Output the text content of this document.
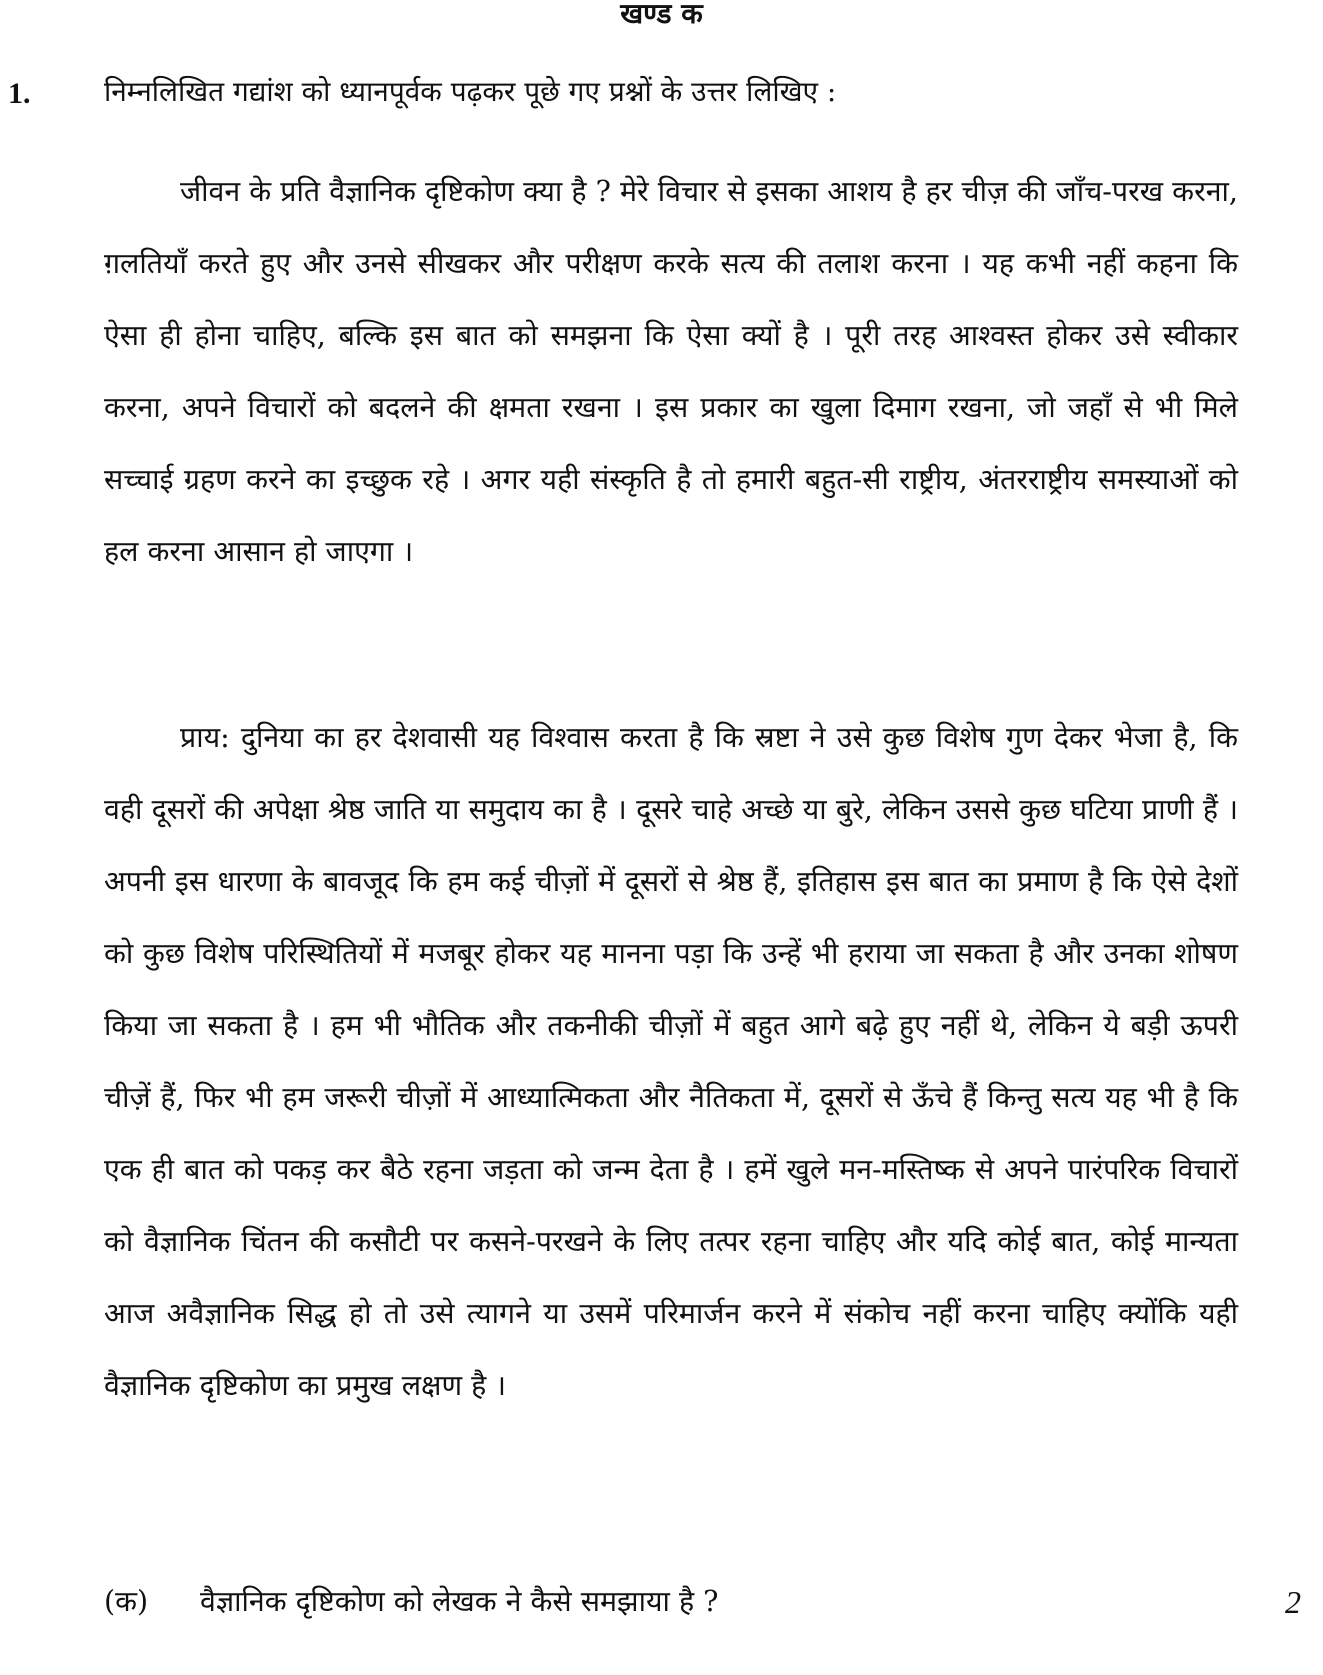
खण्ड क
1.	निम्नलिखित गद्यांश को ध्यानपूर्वक पढ़कर पूछे गए प्रश्नों के उत्तर लिखिए :

जीवन के प्रति वैज्ञानिक दृष्टिकोण क्या है ? मेरे विचार से इसका आशय है हर चीज़ की जाँच-परख करना, ग़लतियाँ करते हुए और उनसे सीखकर और परीक्षण करके सत्य की तलाश करना । यह कभी नहीं कहना कि ऐसा ही होना चाहिए, बल्कि इस बात को समझना कि ऐसा क्यों है । पूरी तरह आश्वस्त होकर उसे स्वीकार करना, अपने विचारों को बदलने की क्षमता रखना । इस प्रकार का खुला दिमाग रखना, जो जहाँ से भी मिले सच्चाई ग्रहण करने का इच्छुक रहे । अगर यही संस्कृति है तो हमारी बहुत-सी राष्ट्रीय, अंतरराष्ट्रीय समस्याओं को हल करना आसान हो जाएगा ।

प्राय: दुनिया का हर देशवासी यह विश्वास करता है कि स्रष्टा ने उसे कुछ विशेष गुण देकर भेजा है, कि वही दूसरों की अपेक्षा श्रेष्ठ जाति या समुदाय का है । दूसरे चाहे अच्छे या बुरे, लेकिन उससे कुछ घटिया प्राणी हैं । अपनी इस धारणा के बावजूद कि हम कई चीज़ों में दूसरों से श्रेष्ठ हैं, इतिहास इस बात का प्रमाण है कि ऐसे देशों को कुछ विशेष परिस्थितियों में मजबूर होकर यह मानना पड़ा कि उन्हें भी हराया जा सकता है और उनका शोषण किया जा सकता है । हम भी भौतिक और तकनीकी चीज़ों में बहुत आगे बढ़े हुए नहीं थे, लेकिन ये बड़ी ऊपरी चीज़ें हैं, फिर भी हम जरूरी चीज़ों में आध्यात्मिकता और नैतिकता में, दूसरों से ऊँचे हैं किन्तु सत्य यह भी है कि एक ही बात को पकड़ कर बैठे रहना जड़ता को जन्म देता है । हमें खुले मन-मस्तिष्क से अपने पारंपरिक विचारों को वैज्ञानिक चिंतन की कसौटी पर कसने-परखने के लिए तत्पर रहना चाहिए और यदि कोई बात, कोई मान्यता आज अवैज्ञानिक सिद्ध हो तो उसे त्यागने या उसमें परिमार्जन करने में संकोच नहीं करना चाहिए क्योंकि यही वैज्ञानिक दृष्टिकोण का प्रमुख लक्षण है ।

(क) वैज्ञानिक दृष्टिकोण को लेखक ने कैसे समझाया है ?	2
